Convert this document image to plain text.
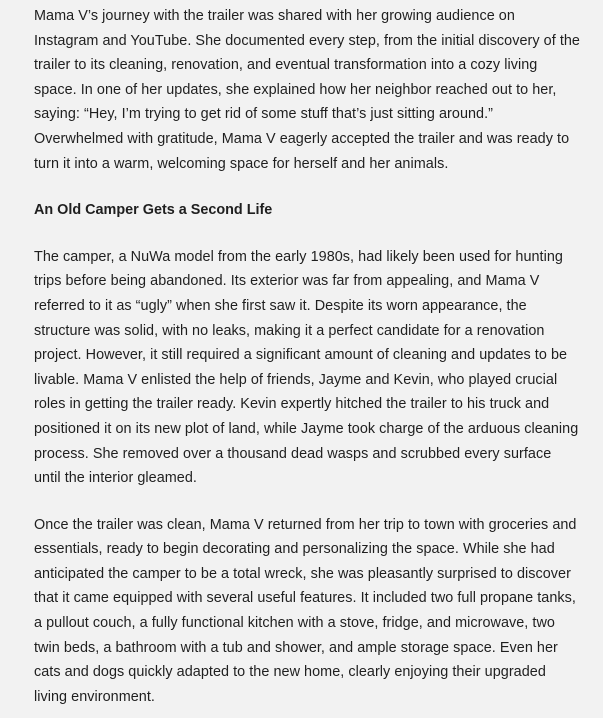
Mama V’s journey with the trailer was shared with her growing audience on Instagram and YouTube. She documented every step, from the initial discovery of the trailer to its cleaning, renovation, and eventual transformation into a cozy living space. In one of her updates, she explained how her neighbor reached out to her, saying: “Hey, I’m trying to get rid of some stuff that’s just sitting around.” Overwhelmed with gratitude, Mama V eagerly accepted the trailer and was ready to turn it into a warm, welcoming space for herself and her animals.

An Old Camper Gets a Second Life

The camper, a NuWa model from the early 1980s, had likely been used for hunting trips before being abandoned. Its exterior was far from appealing, and Mama V referred to it as “ugly” when she first saw it. Despite its worn appearance, the structure was solid, with no leaks, making it a perfect candidate for a renovation project. However, it still required a significant amount of cleaning and updates to be livable. Mama V enlisted the help of friends, Jayme and Kevin, who played crucial roles in getting the trailer ready. Kevin expertly hitched the trailer to his truck and positioned it on its new plot of land, while Jayme took charge of the arduous cleaning process. She removed over a thousand dead wasps and scrubbed every surface until the interior gleamed.

Once the trailer was clean, Mama V returned from her trip to town with groceries and essentials, ready to begin decorating and personalizing the space. While she had anticipated the camper to be a total wreck, she was pleasantly surprised to discover that it came equipped with several useful features. It included two full propane tanks, a pullout couch, a fully functional kitchen with a stove, fridge, and microwave, two twin beds, a bathroom with a tub and shower, and ample storage space. Even her cats and dogs quickly adapted to the new home, clearly enjoying their upgraded living environment.
